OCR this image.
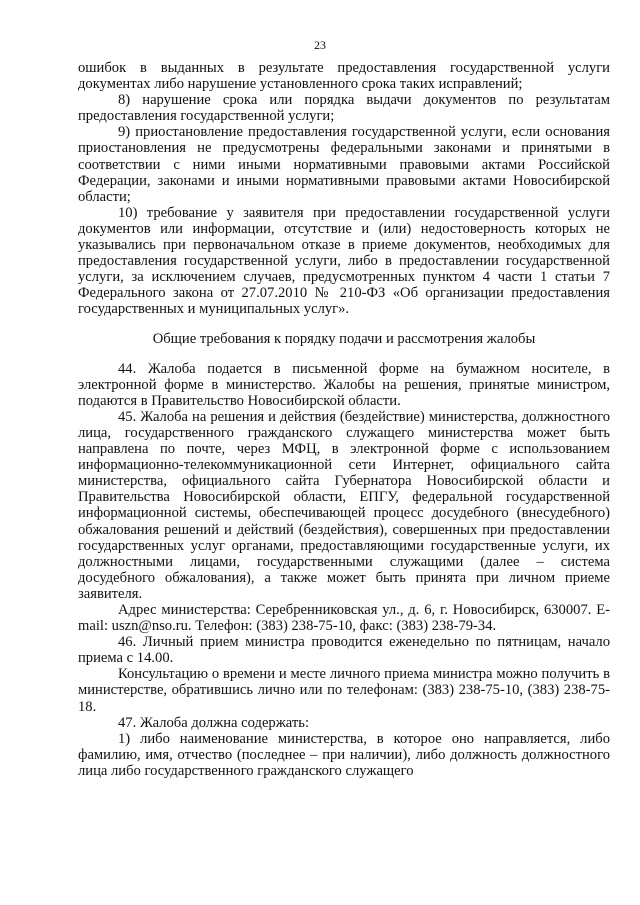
23

ошибок в выданных в результате предоставления государственной услуги документах либо нарушение установленного срока таких исправлений;

8) нарушение срока или порядка выдачи документов по результатам предоставления государственной услуги;

9) приостановление предоставления государственной услуги, если основания приостановления не предусмотрены федеральными законами и принятыми в соответствии с ними иными нормативными правовыми актами Российской Федерации, законами и иными нормативными правовыми актами Новосибирской области;

10) требование у заявителя при предоставлении государственной услуги документов или информации, отсутствие и (или) недостоверность которых не указывались при первоначальном отказе в приеме документов, необходимых для предоставления государственной услуги, либо в предоставлении государственной услуги, за исключением случаев, предусмотренных пунктом 4 части 1 статьи 7 Федерального закона от 27.07.2010 № 210-ФЗ «Об организации предоставления государственных и муниципальных услуг».

Общие требования к порядку подачи и рассмотрения жалобы

44. Жалоба подается в письменной форме на бумажном носителе, в электронной форме в министерство. Жалобы на решения, принятые министром, подаются в Правительство Новосибирской области.

45. Жалоба на решения и действия (бездействие) министерства, должностного лица, государственного гражданского служащего министерства может быть направлена по почте, через МФЦ, в электронной форме с использованием информационно-телекоммуникационной сети Интернет, официального сайта министерства, официального сайта Губернатора Новосибирской области и Правительства Новосибирской области, ЕПГУ, федеральной государственной информационной системы, обеспечивающей процесс досудебного (внесудебного) обжалования решений и действий (бездействия), совершенных при предоставлении государственных услуг органами, предоставляющими государственные услуги, их должностными лицами, государственными служащими (далее – система досудебного обжалования), а также может быть принята при личном приеме заявителя.

Адрес министерства: Серебренниковская ул., д. 6, г. Новосибирск, 630007. E-mail: uszn@nso.ru. Телефон: (383) 238-75-10, факс: (383) 238-79-34.

46. Личный прием министра проводится еженедельно по пятницам, начало приема с 14.00.

Консультацию о времени и месте личного приема министра можно получить в министерстве, обратившись лично или по телефонам: (383) 238-75-10, (383) 238-75-18.

47. Жалоба должна содержать:

1) либо наименование министерства, в которое оно направляется, либо фамилию, имя, отчество (последнее – при наличии), либо должность должностного лица либо государственного гражданского служащего
